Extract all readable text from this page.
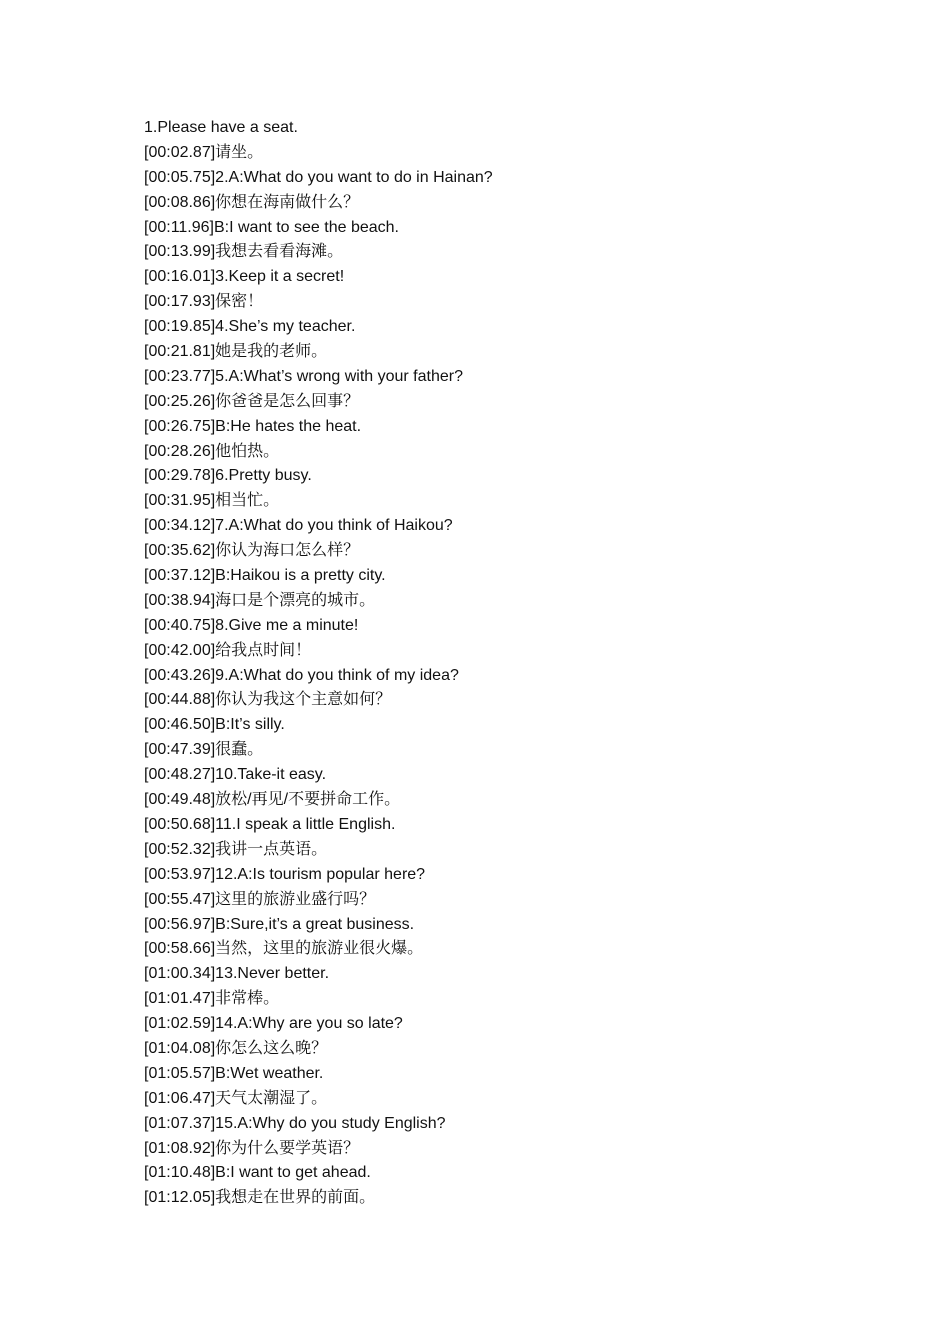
1.Please have a seat.
[00:02.87]请坐。
[00:05.75]2.A:What do you want to do in Hainan?
[00:08.86]你想在海南做什么？
[00:11.96]B:I want to see the beach.
[00:13.99]我想去看看海滩。
[00:16.01]3.Keep it a secret!
[00:17.93]保密！
[00:19.85]4.She’s my teacher.
[00:21.81]她是我的老师。
[00:23.77]5.A:What’s wrong with your father?
[00:25.26]你爸爸是怎么回事？
[00:26.75]B:He hates the heat.
[00:28.26]他怕热。
[00:29.78]6.Pretty busy.
[00:31.95]相当忙。
[00:34.12]7.A:What do you think of Haikou?
[00:35.62]你认为海口怎么样？
[00:37.12]B:Haikou is a pretty city.
[00:38.94]海口是个漂亮的城市。
[00:40.75]8.Give me a minute!
[00:42.00]给我点时间！
[00:43.26]9.A:What do you think of my idea?
[00:44.88]你认为我这个主意如何？
[00:46.50]B:It’s silly.
[00:47.39]很蠢。
[00:48.27]10.Take-it easy.
[00:49.48]放松/再见/不要拼命工作。
[00:50.68]11.I speak a little English.
[00:52.32]我讲一点英语。
[00:53.97]12.A:Is tourism popular here?
[00:55.47]这里的旅游业盛行吗？
[00:56.97]B:Sure,it’s a great business.
[00:58.66]当然，这里的旅游业很火爆。
[01:00.34]13.Never better.
[01:01.47]非常棒。
[01:02.59]14.A:Why are you so late?
[01:04.08]你怎么这么晚？
[01:05.57]B:Wet weather.
[01:06.47]天气太潮湿了。
[01:07.37]15.A:Why do you study English?
[01:08.92]你为什么要学英语？
[01:10.48]B:I want to get ahead.
[01:12.05]我想走在世界的前面。
